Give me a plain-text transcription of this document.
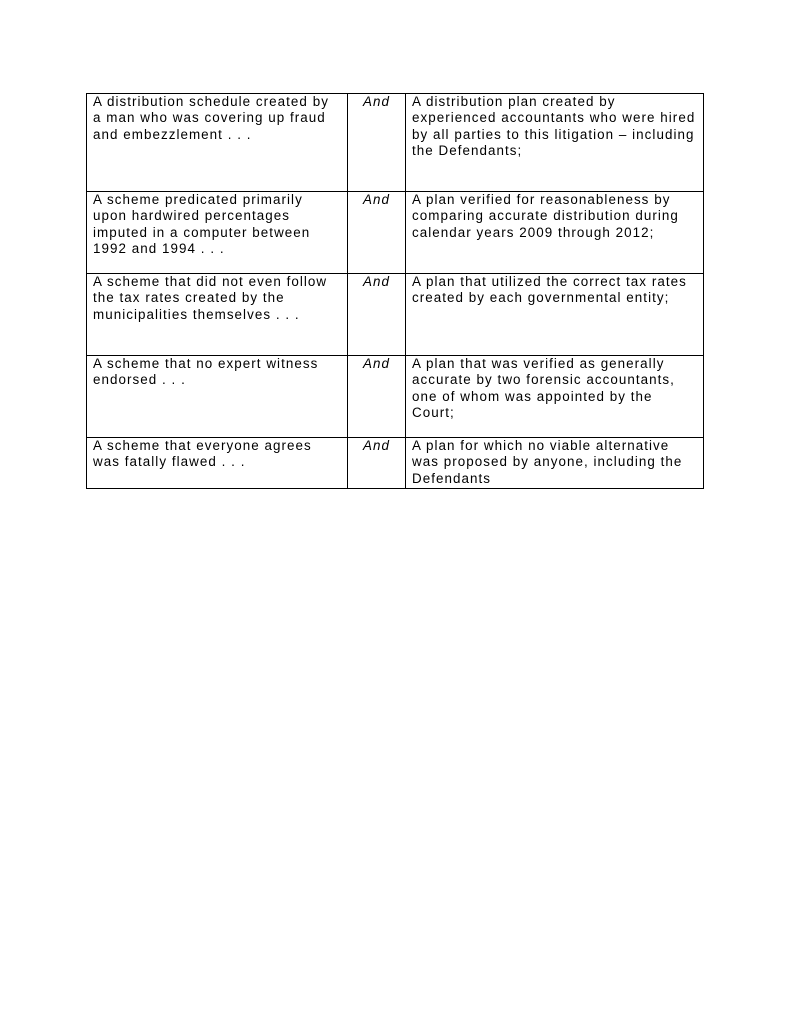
A distribution schedule created by a man who was covering up fraud and embezzlement . . .	And	A distribution plan created by experienced accountants who were hired by all parties to this litigation – including the Defendants;

A scheme predicated primarily upon hardwired percentages imputed in a computer between 1992 and 1994 . . .	And	A plan verified for reasonableness by comparing accurate distribution during calendar years 2009 through 2012;

A scheme that did not even follow the tax rates created by the municipalities themselves . . .	And	A plan that utilized the correct tax rates created by each governmental entity;

A scheme that no expert witness endorsed . . .	And	A plan that was verified as generally accurate by two forensic accountants, one of whom was appointed by the Court;

A scheme that everyone agrees was fatally flawed . . .	And	A plan for which no viable alternative was proposed by anyone, including the Defendants
